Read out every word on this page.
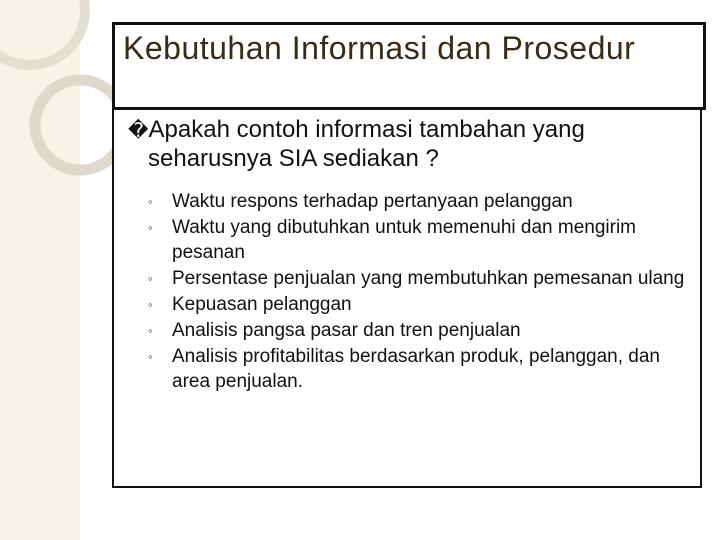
Kebutuhan Informasi dan Prosedur
�Apakah contoh informasi tambahan yang seharusnya SIA sediakan ?
◦ Waktu respons terhadap pertanyaan pelanggan
◦ Waktu yang dibutuhkan untuk memenuhi dan mengirim pesanan
◦ Persentase penjualan yang membutuhkan pemesanan ulang
◦ Kepuasan pelanggan
◦ Analisis pangsa pasar dan tren penjualan
◦ Analisis profitabilitas berdasarkan produk, pelanggan, dan area penjualan.
